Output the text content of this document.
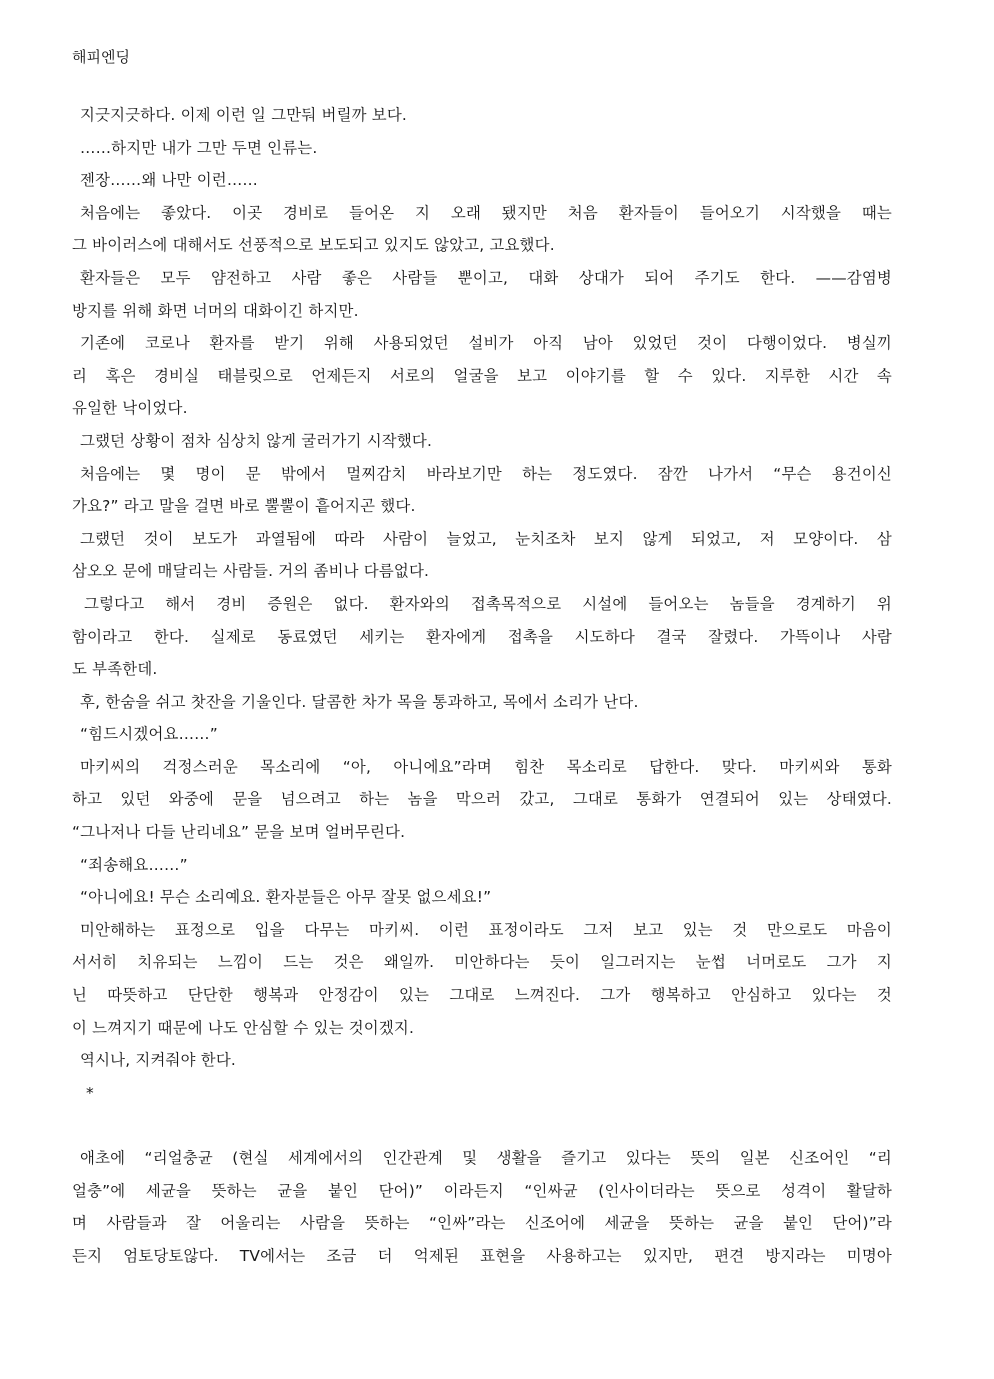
해피엔딩
지긋지긋하다. 이제 이런 일 그만둬 버릴까 보다.
……하지만 내가 그만 두면 인류는.
젠장……왜 나만 이런……
처음에는 좋았다. 이곳 경비로 들어온 지 오래 됐지만 처음 환자들이 들어오기 시작했을 때는
그 바이러스에 대해서도 선풍적으로 보도되고 있지도 않았고, 고요했다.
환자들은 모두 얌전하고 사람 좋은 사람들 뿐이고, 대화 상대가 되어 주기도 한다. ——감염병
방지를 위해 화면 너머의 대화이긴 하지만.
기존에 코로나 환자를 받기 위해 사용되었던 설비가 아직 남아 있었던 것이 다행이었다. 병실끼
리 혹은 경비실 태블릿으로 언제든지 서로의 얼굴을 보고 이야기를 할 수 있다. 지루한 시간 속
유일한 낙이었다.
그랬던 상황이 점차 심상치 않게 굴러가기 시작했다.
처음에는 몇 명이 문 밖에서 멀찌감치 바라보기만 하는 정도였다. 잠깐 나가서 “무슨 용건이신
가요?” 라고 말을 걸면 바로 뿔뿔이 흩어지곤 했다.
그랬던 것이 보도가 과열됨에 따라 사람이 늘었고, 눈치조차 보지 않게 되었고, 저 모양이다. 삼
삼오오 문에 매달리는 사람들. 거의 좀비나 다름없다.
그렇다고 해서 경비 증원은 없다. 환자와의 접촉목적으로 시설에 들어오는 놈들을 경계하기 위
함이라고 한다. 실제로 동료였던 세키는 환자에게 접촉을 시도하다 결국 잘렸다. 가뜩이나 사람
도 부족한데.
후, 한숨을 쉬고 찻잔을 기울인다. 달콤한 차가 목을 통과하고, 목에서 소리가 난다.
“힘드시겠어요……”
마키씨의 걱정스러운 목소리에 “아, 아니에요”라며 힘찬 목소리로 답한다. 맞다. 마키씨와 통화
하고 있던 와중에 문을 넘으려고 하는 놈을 막으러 갔고, 그대로 통화가 연결되어 있는 상태였다.
“그나저나 다들 난리네요” 문을 보며 얼버무린다.
“죄송해요……”
“아니에요! 무슨 소리예요. 환자분들은 아무 잘못 없으세요!”
미안해하는 표정으로 입을 다무는 마키씨. 이런 표정이라도 그저 보고 있는 것 만으로도 마음이
서서히 치유되는 느낌이 드는 것은 왜일까. 미안하다는 듯이 일그러지는 눈썹 너머로도 그가 지
닌 따뜻하고 단단한 행복과 안정감이 있는 그대로 느껴진다. 그가 행복하고 안심하고 있다는 것
이 느껴지기 때문에 나도 안심할 수 있는 것이겠지.
역시나, 지켜줘야 한다.
*
애초에 “리얼충균 (현실 세계에서의 인간관계 및 생활을 즐기고 있다는 뜻의 일본 신조어인 “리
얼충”에 세균을 뜻하는 균을 붙인 단어)” 이라든지 “인싸균 (인사이더라는 뜻으로 성격이 활달하
며 사람들과 잘 어울리는 사람을 뜻하는 “인싸”라는 신조어에 세균을 뜻하는 균을 붙인 단어)”라
든지 엄토당토않다. TV에서는 조금 더 억제된 표현을 사용하고는 있지만, 편견 방지라는 미명아
